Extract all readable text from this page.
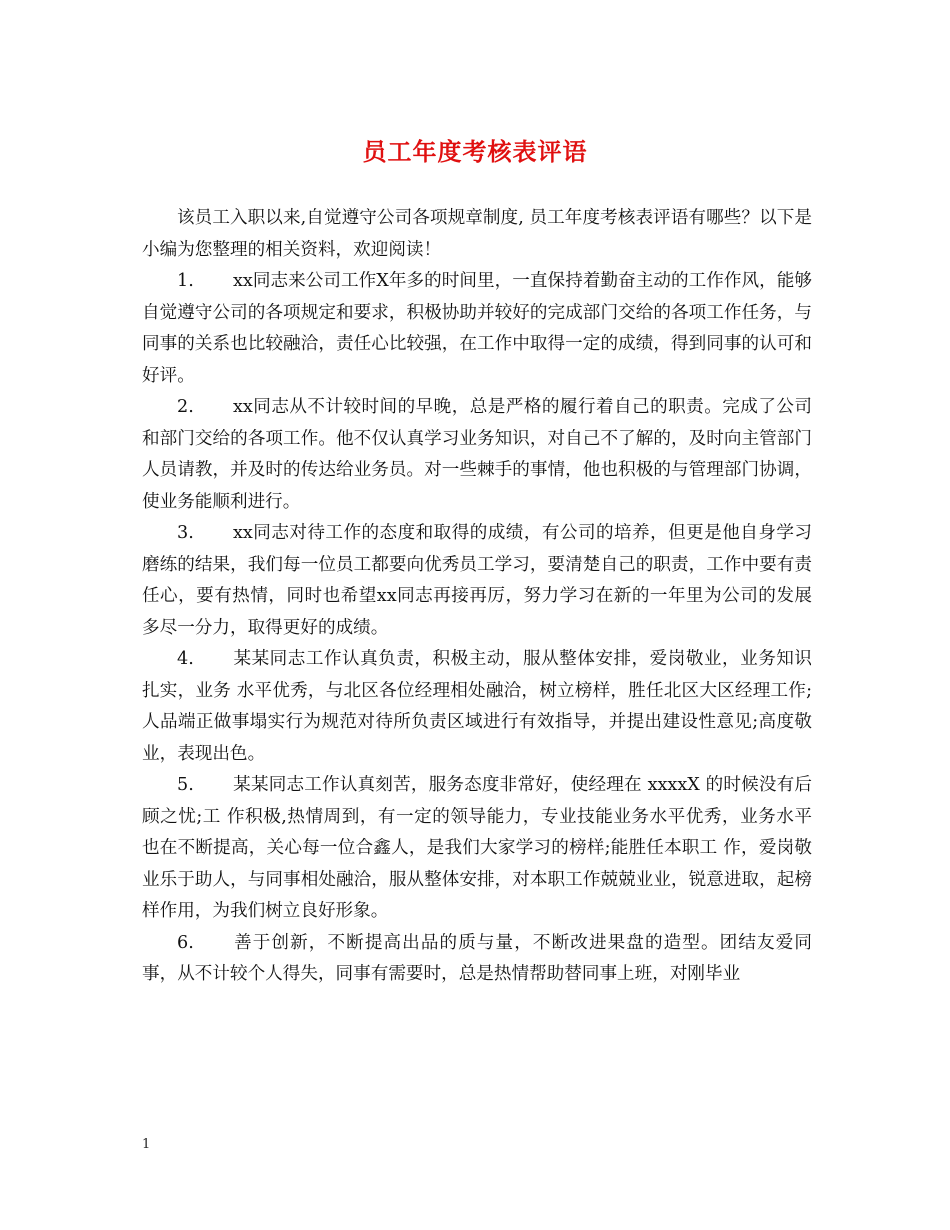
员工年度考核表评语

该员工入职以来,自觉遵守公司各项规章制度, 员工年度考核表评语有哪些？以下是小编为您整理的相关资料，欢迎阅读！

1. xx同志来公司工作X年多的时间里，一直保持着勤奋主动的工作作风，能够自觉遵守公司的各项规定和要求，积极协助并较好的完成部门交给的各项工作任务，与同事的关系也比较融洽，责任心比较强，在工作中取得一定的成绩，得到同事的认可和好评。

2. xx同志从不计较时间的早晚，总是严格的履行着自己的职责。完成了公司和部门交给的各项工作。他不仅认真学习业务知识，对自己不了解的，及时向主管部门人员请教，并及时的传达给业务员。对一些棘手的事情，他也积极的与管理部门协调，使业务能顺利进行。

3. xx同志对待工作的态度和取得的成绩，有公司的培养，但更是他自身学习磨练的结果，我们每一位员工都要向优秀员工学习，要清楚自己的职责，工作中要有责任心，要有热情，同时也希望xx同志再接再厉，努力学习在新的一年里为公司的发展多尽一分力，取得更好的成绩。

4. 某某同志工作认真负责，积极主动，服从整体安排，爱岗敬业，业务知识扎实，业务 水平优秀，与北区各位经理相处融洽，树立榜样，胜任北区大区经理工作; 人品端正做事塌实行为规范对待所负责区域进行有效指导，并提出建设性意见;高度敬业，表现出色。

5. 某某同志工作认真刻苦，服务态度非常好，使经理在 xxxxX 的时候没有后顾之忧;工 作积极,热情周到，有一定的领导能力，专业技能业务水平优秀，业务水平 也在不断提高，关心每一位合鑫人，是我们大家学习的榜样;能胜任本职工 作，爱岗敬业乐于助人，与同事相处融洽，服从整体安排，对本职工作兢兢业业，锐意进取，起榜样作用，为我们树立良好形象。

6. 善于创新，不断提高出品的质与量，不断改进果盘的造型。团结友爱同事，从不计较个人得失，同事有需要时，总是热情帮助替同事上班，对刚毕业

1
